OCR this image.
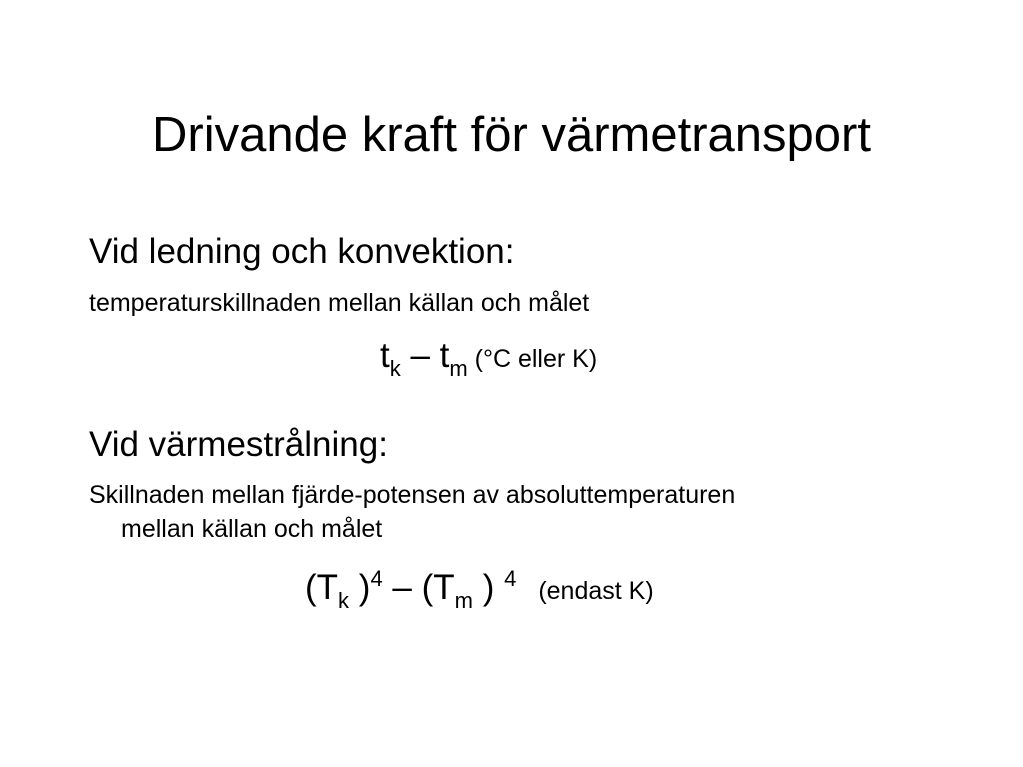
Drivande kraft för värmetransport
Vid ledning och konvektion:
temperaturskillnaden mellan källan och målet
tk – tm (°C eller K)
Vid värmestrålning:
Skillnaden mellan fjärde-potensen av absoluttemperaturen
mellan källan och målet
(Tk )4 – (Tm ) 4 (endast K)
